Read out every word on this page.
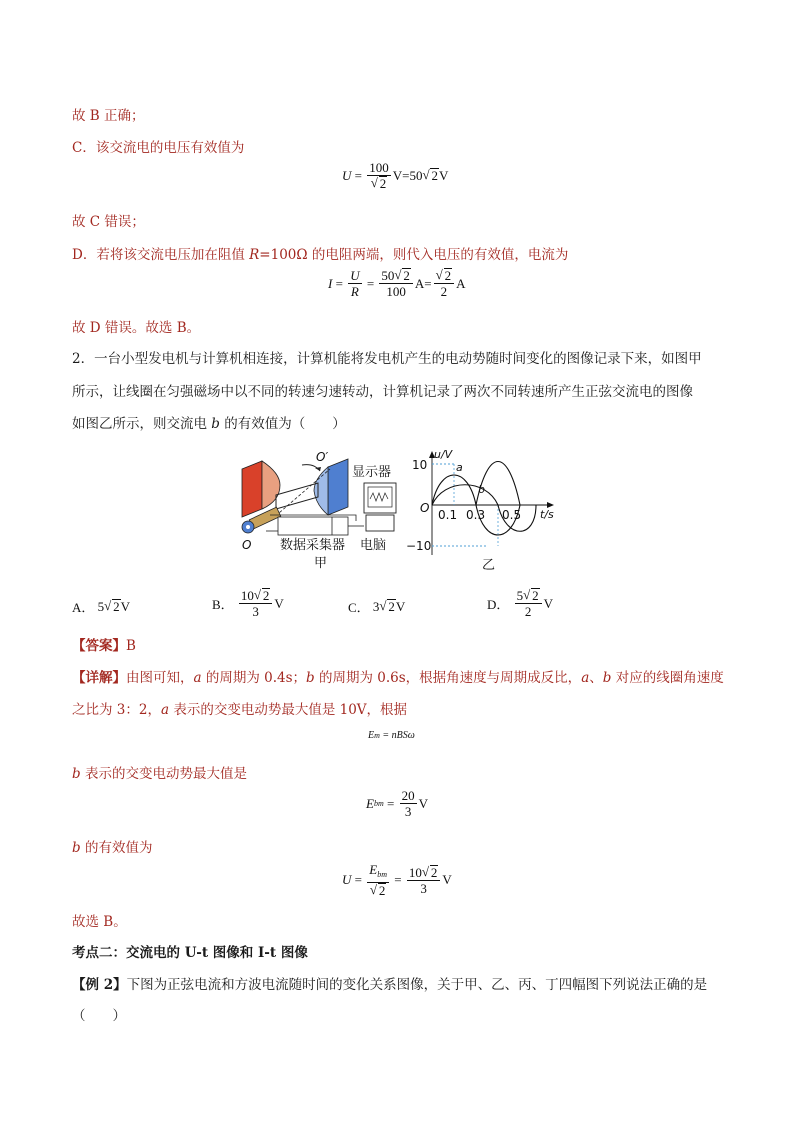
故 B 正确；
C．该交流电的电压有效值为
$U = \frac{100}{√ 2} V=50$ √ 2 V
故 C 错误；
D．若将该交流电压加在阻值 R=100Ω 的电阻两端，则代入电压的有效值，电流为
$I = \frac{U}{R} = \frac{50 √ 2}{100} A= \frac{√ 2}{2}$ A
故 D 错误。故选 B。
2．一台小型发电机与计算机相连接，计算机能将发电机产生的电动势随时间变化的图像记录下来，如图甲
所示，让线圈在匀强磁场中以不同的转速匀速转动，计算机记录了两次不同转速所产生正弦交流电的图像
如图乙所示，则交流电 b 的有效值为（　　）
O′
O
显示器
数据采集器 电脑
甲
u/V
t/s
10
−10
O 0.1 0.3 0.5
a
b
乙
A．
5 √ 2 V	B．
$\frac{10 √ 2}{3}$ V	C．
3 √ 2 V	D．
$\frac{5 √ 2}{2}$ V
【答案】B
【详解】由图可知，a 的周期为 0.4s；b 的周期为 0.6s，根据角速度与周期成反比，a、b 对应的线圈角速度
之比为 3：2，a 表示的交变电动势最大值是 10V，根据
E m
= nBSω
b 表示的交变电动势最大值是
E bm = $\frac{20}{3}$ V
b 的有效值为
$U = \frac{E_{bm}}{√ 2} = \frac{10 √ 2}{3}$ V
故选 B。
考点二：交流电的 U-t 图像和 I-t 图像
【例 2】下图为正弦电流和方波电流随时间的变化关系图像，关于甲、乙、丙、丁四幅图下列说法正确的是
（　　）
